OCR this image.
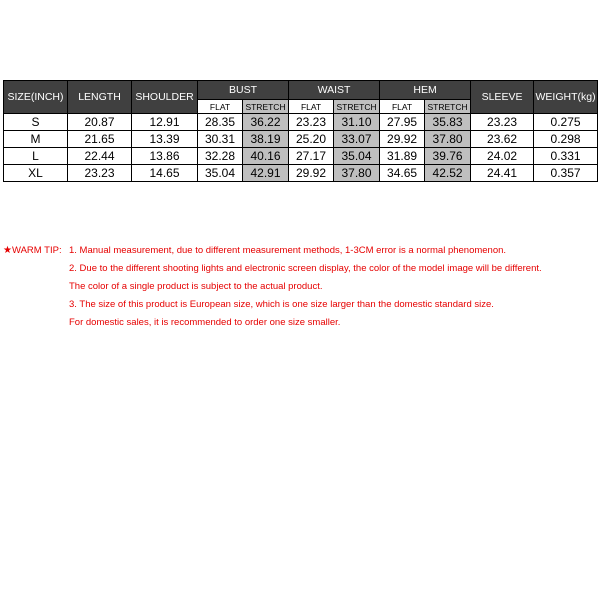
SIZE(INCH)	LENGTH	SHOULDER	BUST		WAIST		HEM		SLEEVE	WEIGHT(kg)
			FLAT	STRETCH	FLAT	STRETCH	FLAT	STRETCH		
S	20.87	12.91	28.35	36.22	23.23	31.10	27.95	35.83	23.23	0.275
M	21.65	13.39	30.31	38.19	25.20	33.07	29.92	37.80	23.62	0.298
L	22.44	13.86	32.28	40.16	27.17	35.04	31.89	39.76	24.02	0.331
XL	23.23	14.65	35.04	42.91	29.92	37.80	34.65	42.52	24.41	0.357
★WARM TIP: 1. Manual measurement, due to different measurement methods, 1-3CM error is a normal phenomenon.
2. Due to the different shooting lights and electronic screen display, the color of the model image will be different.
The color of a single product is subject to the actual product.
3. The size of this product is European size, which is one size larger than the domestic standard size.
For domestic sales, it is recommended to order one size smaller.
